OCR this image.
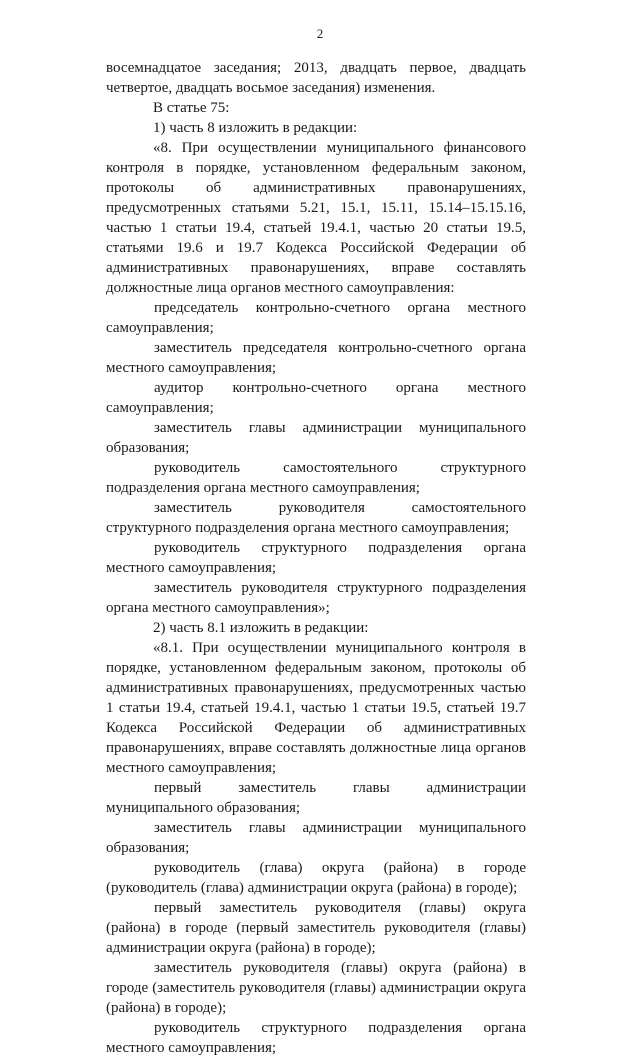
2

восемнадцатое заседания; 2013, двадцать первое, двадцать четвертое, двадцать восьмое заседания) изменения.

В статье 75:

1) часть 8 изложить в редакции:

«8. При осуществлении муниципального финансового контроля в порядке, установленном федеральным законом, протоколы об административных правонарушениях, предусмотренных статьями 5.21, 15.1, 15.11, 15.14–15.15.16, частью 1 статьи 19.4, статьей 19.4.1, частью 20 статьи 19.5, статьями 19.6 и 19.7 Кодекса Российской Федерации об административных правонарушениях, вправе составлять должностные лица органов местного самоуправления:

председатель контрольно-счетного органа местного самоуправления;

заместитель председателя контрольно-счетного органа местного самоуправления;

аудитор контрольно-счетного органа местного самоуправления;

заместитель главы администрации муниципального образования;

руководитель самостоятельного структурного подразделения органа местного самоуправления;

заместитель руководителя самостоятельного структурного подразделения органа местного самоуправления;

руководитель структурного подразделения органа местного самоуправления;

заместитель руководителя структурного подразделения органа местного самоуправления»;

2) часть 8.1 изложить в редакции:

«8.1. При осуществлении муниципального контроля в порядке, установленном федеральным законом, протоколы об административных правонарушениях, предусмотренных частью 1 статьи 19.4, статьей 19.4.1, частью 1 статьи 19.5, статьей 19.7 Кодекса Российской Федерации об административных правонарушениях, вправе составлять должностные лица органов местного самоуправления;

первый заместитель главы администрации муниципального образования;

заместитель главы администрации муниципального образования;

руководитель (глава) округа (района) в городе (руководитель (глава) администрации округа (района) в городе);

первый заместитель руководителя (главы) округа (района) в городе (первый заместитель руководителя (главы) администрации округа (района) в городе);

заместитель руководителя (главы) округа (района) в городе (заместитель руководителя (главы) администрации округа (района) в городе);

руководитель структурного подразделения органа местного самоуправления;
